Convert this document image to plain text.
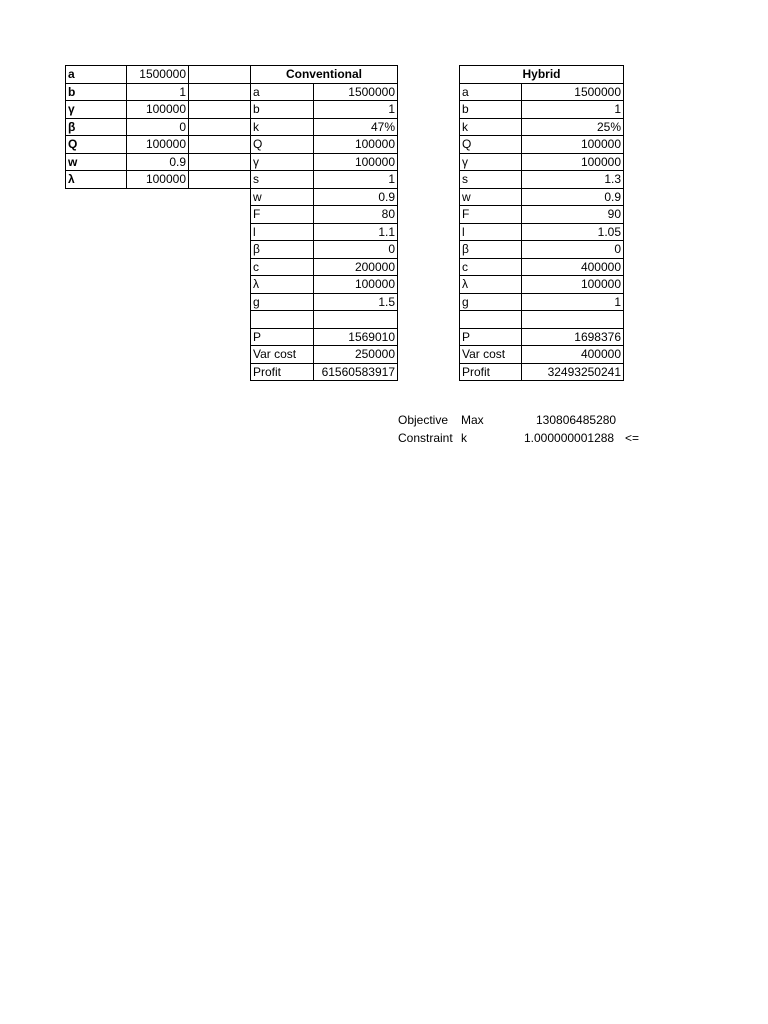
a	1500000
b	1
γ	100000
β	0
Q	100000
w	0.9
λ	100000
Conventional	
a	1500000
b	1
k	47%
Q	100000
γ	100000
s	1
w	0.9
F	80
l	1.1
β	0
c	200000
λ	100000
g	1.5

P	1569010
Var cost	250000
Profit	61560583917
Hybrid	
a	1500000
b	1
k	25%
Q	100000
γ	100000
s	1.3
w	0.9
F	90
l	1.05
β	0
c	400000
λ	100000
g	1

P	1698376
Var cost	400000
Profit	32493250241

Objective Max	130806485280
Constraint k	1.000000001288 <=
